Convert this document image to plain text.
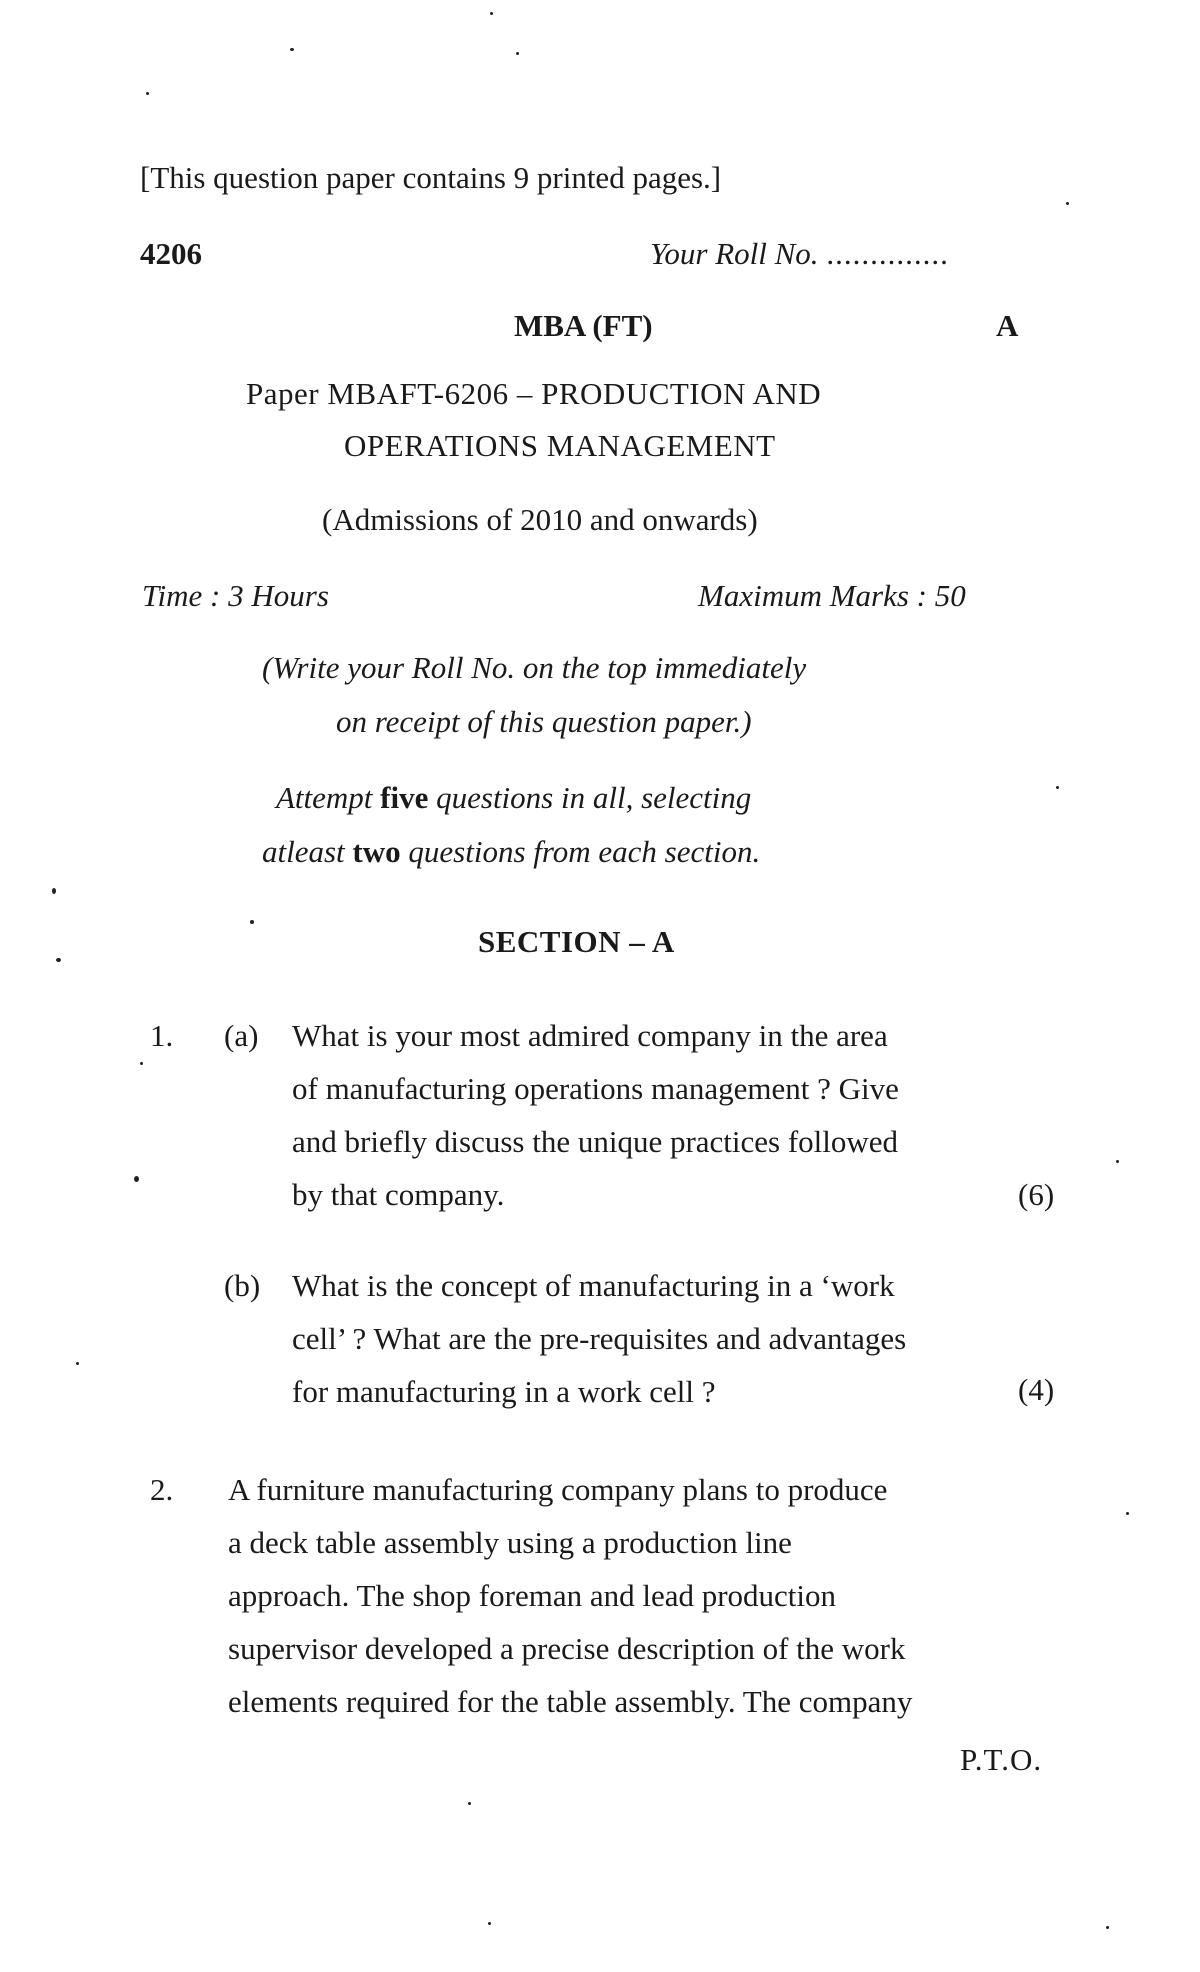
[This question paper contains 9 printed pages.]
4206	Your Roll No. ..............
MBA (FT)	A
Paper MBAFT-6206 – PRODUCTION AND
OPERATIONS MANAGEMENT
(Admissions of 2010 and onwards)
Time : 3 Hours	Maximum Marks : 50
(Write your Roll No. on the top immediately
on receipt of this question paper.)
Attempt five questions in all, selecting
atleast two questions from each section.
SECTION – A
1. (a) What is your most admired company in the area
of manufacturing operations management ? Give
and briefly discuss the unique practices followed
by that company.	(6)
(b) What is the concept of manufacturing in a ‘work
cell’ ? What are the pre-requisites and advantages
for manufacturing in a work cell ?	(4)
2. A furniture manufacturing company plans to produce
a deck table assembly using a production line
approach. The shop foreman and lead production
supervisor developed a precise description of the work
elements required for the table assembly. The company
P.T.O.
